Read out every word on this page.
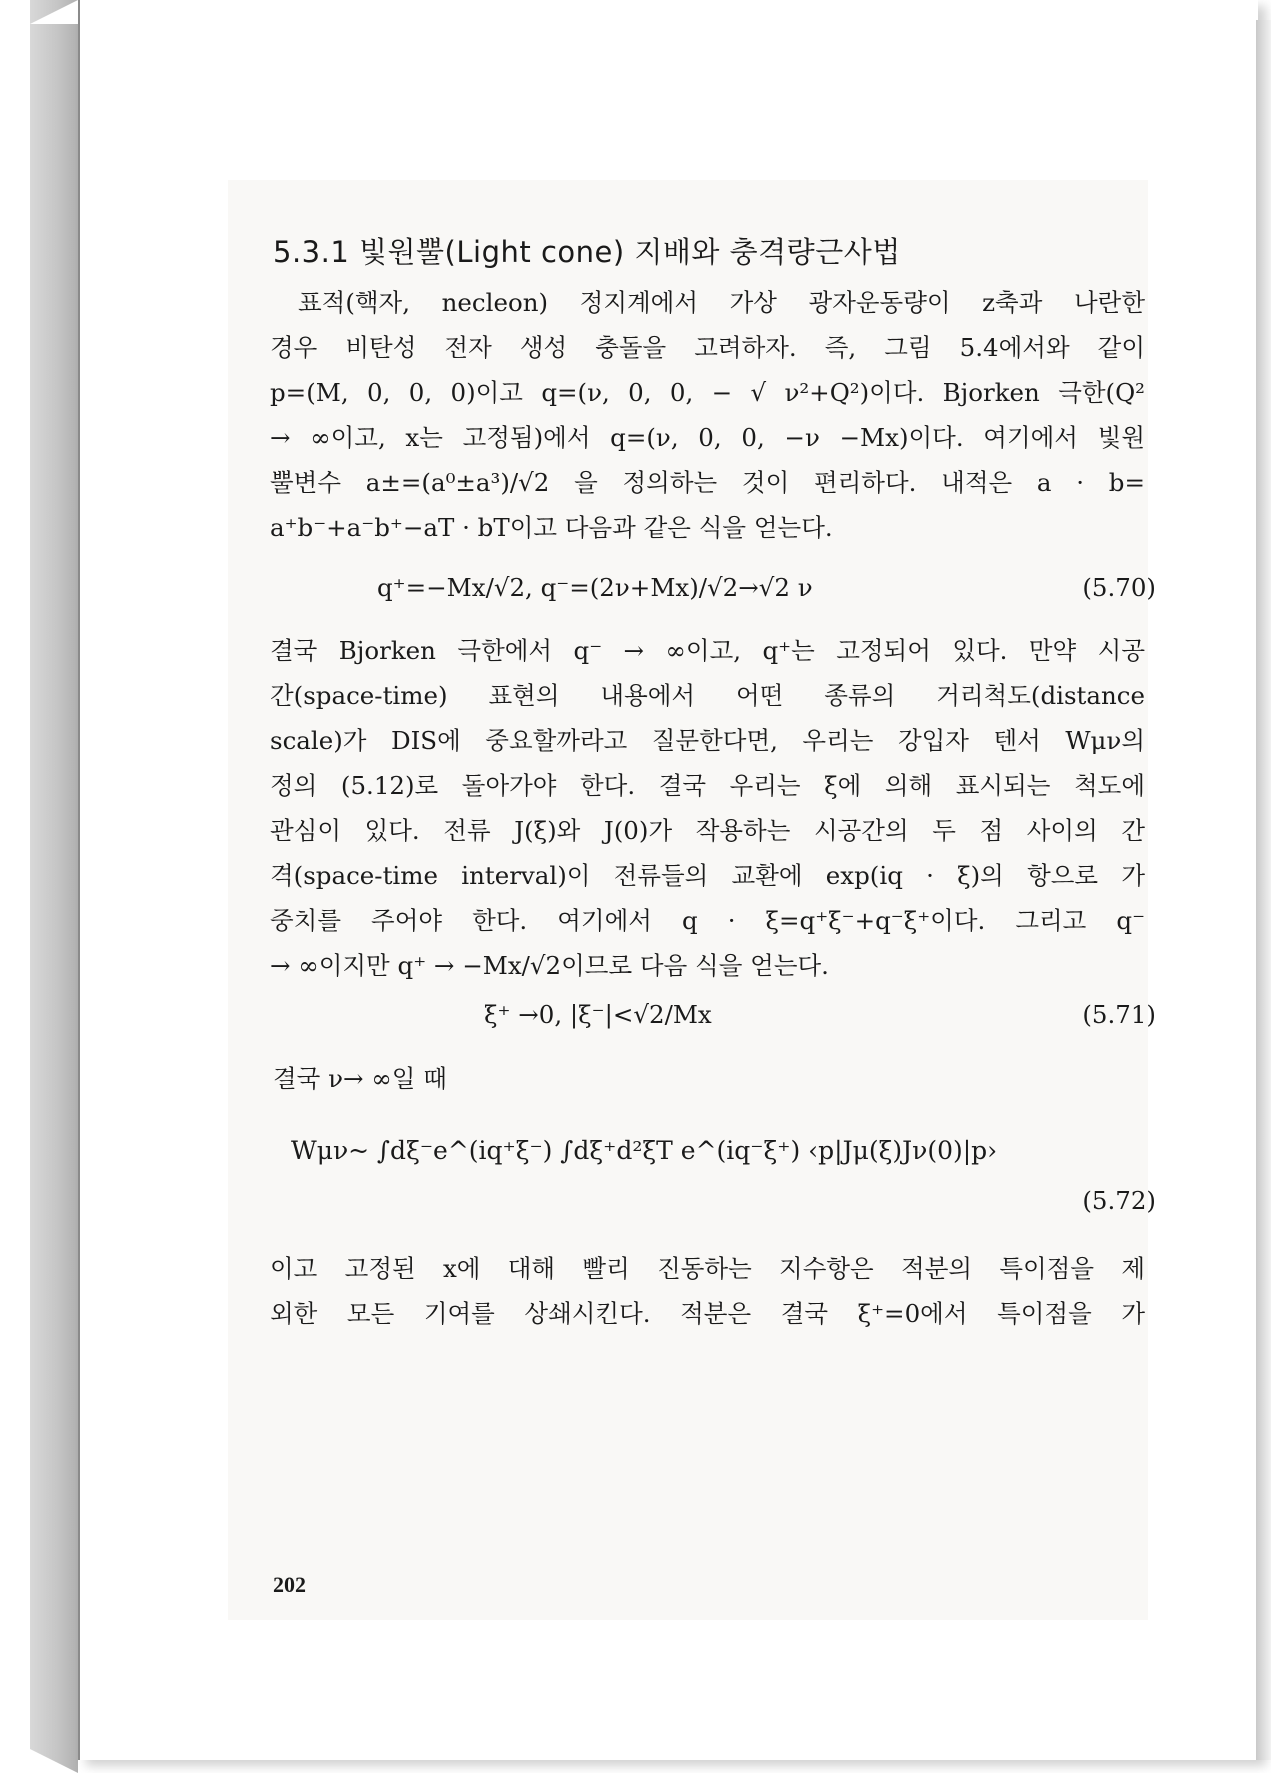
5.3.1 빛원뿔(Light cone) 지배와 충격량근사법
표적(핵자, necleon) 정지계에서 가상 광자운동량이 z축과 나란한
경우 비탄성 전자 생성 충돌을 고려하자. 즉, 그림 5.4에서와 같이
p=(M, 0, 0, 0)이고 q=(ν, 0, 0, − √ ν²+Q²)이다. Bjorken 극한(Q²
→ ∞이고, x는 고정됨)에서 q=(ν, 0, 0, −ν −Mx)이다. 여기에서 빛원
뿔변수 a±=(a⁰±a³)/√2 을 정의하는 것이 편리하다. 내적은 a · b=
a⁺b⁻+a⁻b⁺−aT · bT이고 다음과 같은 식을 얻는다.
q⁺=−Mx/√2, q⁻=(2ν+Mx)/√2→√2 ν	(5.70)
결국 Bjorken 극한에서 q⁻ → ∞이고, q⁺는 고정되어 있다. 만약 시공
간(space-time) 표현의 내용에서 어떤 종류의 거리척도(distance
scale)가 DIS에 중요할까라고 질문한다면, 우리는 강입자 텐서 Wμν의
정의 (5.12)로 돌아가야 한다. 결국 우리는 ξ에 의해 표시되는 척도에
관심이 있다. 전류 J(ξ)와 J(0)가 작용하는 시공간의 두 점 사이의 간
격(space-time interval)이 전류들의 교환에 exp(iq · ξ)의 항으로 가
중치를 주어야 한다. 여기에서 q · ξ=q⁺ξ⁻+q⁻ξ⁺이다. 그리고 q⁻
→ ∞이지만 q⁺ → −Mx/√2이므로 다음 식을 얻는다.
ξ⁺ →0, |ξ⁻|<√2/Mx	(5.71)
결국 ν→ ∞일 때
Wμν~ ∫dξ⁻e^(iq⁺ξ⁻) ∫dξ⁺d²ξT e^(iq⁻ξ⁺) ‹p|Jμ(ξ)Jν(0)|p›
(5.72)
이고 고정된 x에 대해 빨리 진동하는 지수항은 적분의 특이점을 제
외한 모든 기여를 상쇄시킨다. 적분은 결국 ξ⁺=0에서 특이점을 가
202
